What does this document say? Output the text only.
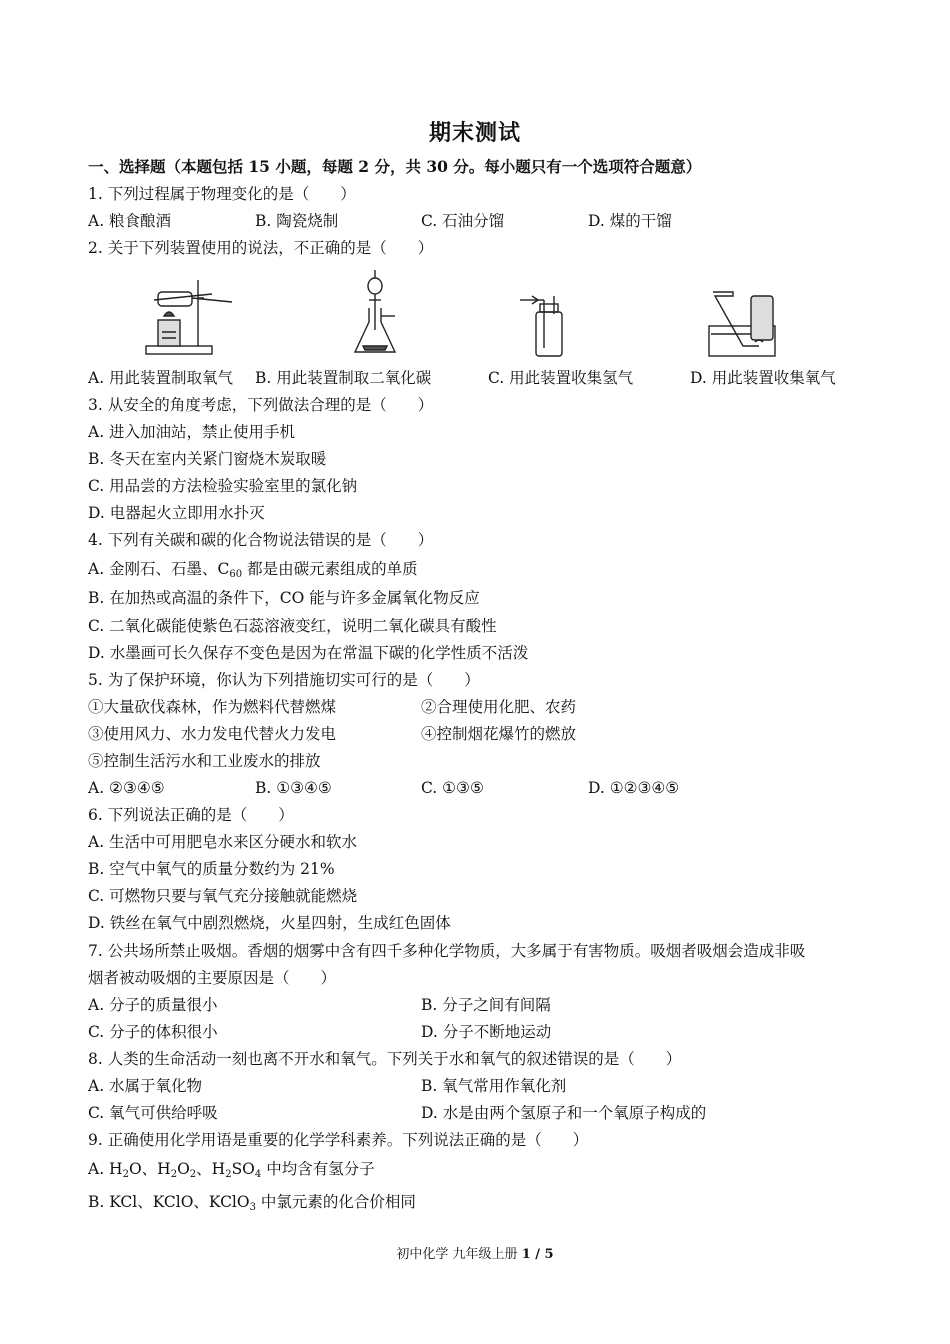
期末测试
一、选择题（本题包括 15 小题，每题 2 分，共 30 分。每小题只有一个选项符合题意）
1. 下列过程属于物理变化的是（　　）
A. 粮食酿酒	B. 陶瓷烧制	C. 石油分馏	D. 煤的干馏
2. 关于下列装置使用的说法，不正确的是（　　）
A. 用此装置制取氧气 B. 用此装置制取二氧化碳	C. 用此装置收集氢气	D. 用此装置收集氧气
3. 从安全的角度考虑，下列做法合理的是（　　）
A. 进入加油站，禁止使用手机
B. 冬天在室内关紧门窗烧木炭取暖
C. 用品尝的方法检验实验室里的氯化钠
D. 电器起火立即用水扑灭
4. 下列有关碳和碳的化合物说法错误的是（　　）
A. 金刚石、石墨、$C_{60}$ 都是由碳元素组成的单质
B. 在加热或高温的条件下，CO 能与许多金属氧化物反应
C. 二氧化碳能使紫色石蕊溶液变红，说明二氧化碳具有酸性
D. 水墨画可长久保存不变色是因为在常温下碳的化学性质不活泼
5. 为了保护环境，你认为下列措施切实可行的是（　　）
①大量砍伐森林，作为燃料代替燃煤	②合理使用化肥、农药
③使用风力、水力发电代替火力发电	④控制烟花爆竹的燃放
⑤控制生活污水和工业废水的排放
A. ②③④⑤	B. ①③④⑤	C. ①③⑤	D. ①②③④⑤
6. 下列说法正确的是（　　）
A. 生活中可用肥皂水来区分硬水和软水
B. 空气中氧气的质量分数约为 21%
C. 可燃物只要与氧气充分接触就能燃烧
D. 铁丝在氧气中剧烈燃烧，火星四射，生成红色固体
7. 公共场所禁止吸烟。香烟的烟雾中含有四千多种化学物质，大多属于有害物质。吸烟者吸烟会造成非吸
烟者被动吸烟的主要原因是（　　）
A. 分子的质量很小	B. 分子之间有间隔
C. 分子的体积很小	D. 分子不断地运动
8. 人类的生命活动一刻也离不开水和氧气。下列关于水和氧气的叙述错误的是（　　）
A. 水属于氧化物	B. 氧气常用作氧化剂
C. 氧气可供给呼吸	D. 水是由两个氢原子和一个氧原子构成的
9. 正确使用化学用语是重要的化学学科素养。下列说法正确的是（　　）
A. $H_2O$、$H_2O_2$、$H_2SO_4$ 中均含有氢分子
B. KCl、KClO、KClO$_3$ 中氯元素的化合价相同
初中化学 九年级上册 1 / 5
